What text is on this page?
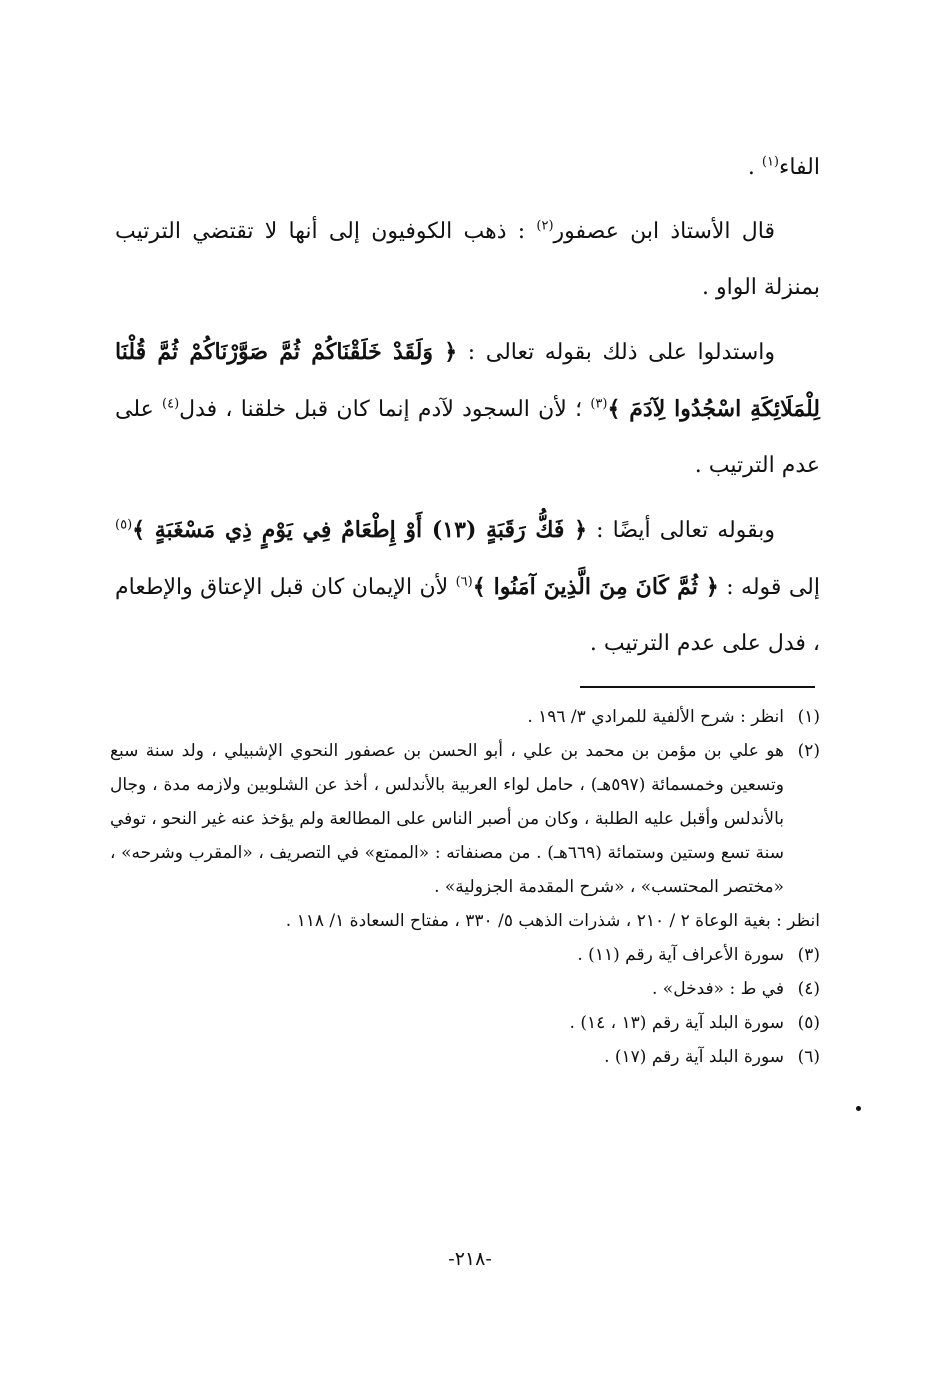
الفاء$^{(١)}$ .

قال الأستاذ ابن عصفور$^{(٢)}$ : ذهب الكوفيون إلى أنها لا تقتضي الترتيب بمنزلة الواو .

واستدلوا على ذلك بقوله تعالى : ﴿ وَلَقَدْ خَلَقْنَاكُمْ ثُمَّ صَوَّرْنَاكُمْ ثُمَّ قُلْنَا لِلْمَلَائِكَةِ اسْجُدُوا لِآدَمَ ﴾$^{(٣)}$ ؛ لأن السجود لآدم إنما كان قبل خلقنا ، فدل$^{(٤)}$ على عدم الترتيب .

وبقوله تعالى أيضًا : ﴿ فَكُّ رَقَبَةٍ (١٣) أَوْ إِطْعَامٌ فِي يَوْمٍ ذِي مَسْغَبَةٍ ﴾$^{(٥)}$ إلى قوله : ﴿ ثُمَّ كَانَ مِنَ الَّذِينَ آمَنُوا ﴾$^{(٦)}$ لأن الإيمان كان قبل الإعتاق والإطعام ، فدل على عدم الترتيب .

(١)
انظر : شرح الألفية للمرادي ٣/ ١٩٦ .
(٢)
هو علي بن مؤمن بن محمد بن علي ، أبو الحسن بن عصفور النحوي الإشبيلي ، ولد سنة سبع وتسعين وخمسمائة (٥٩٧هـ) ، حامل لواء العربية بالأندلس ، أخذ عن الشلوبين ولازمه مدة ، وجال بالأندلس وأقبل عليه الطلبة ، وكان من أصبر الناس على المطالعة ولم يؤخذ عنه غير النحو ، توفي سنة تسع وستين وستمائة (٦٦٩هـ) . من مصنفاته : «الممتع» في التصريف ، «المقرب وشرحه» ، «مختصر المحتسب» ، «شرح المقدمة الجزولية» .
انظر : بغية الوعاة ٢ / ٢١٠ ، شذرات الذهب ٥/ ٣٣٠ ، مفتاح السعادة ١/ ١١٨ .
(٣)
سورة الأعراف آية رقم (١١) .
(٤)
في ط : «فدخل» .
(٥)
سورة البلد آية رقم (١٣ ، ١٤) .
(٦)
سورة البلد آية رقم (١٧) .
-٢١٨-
